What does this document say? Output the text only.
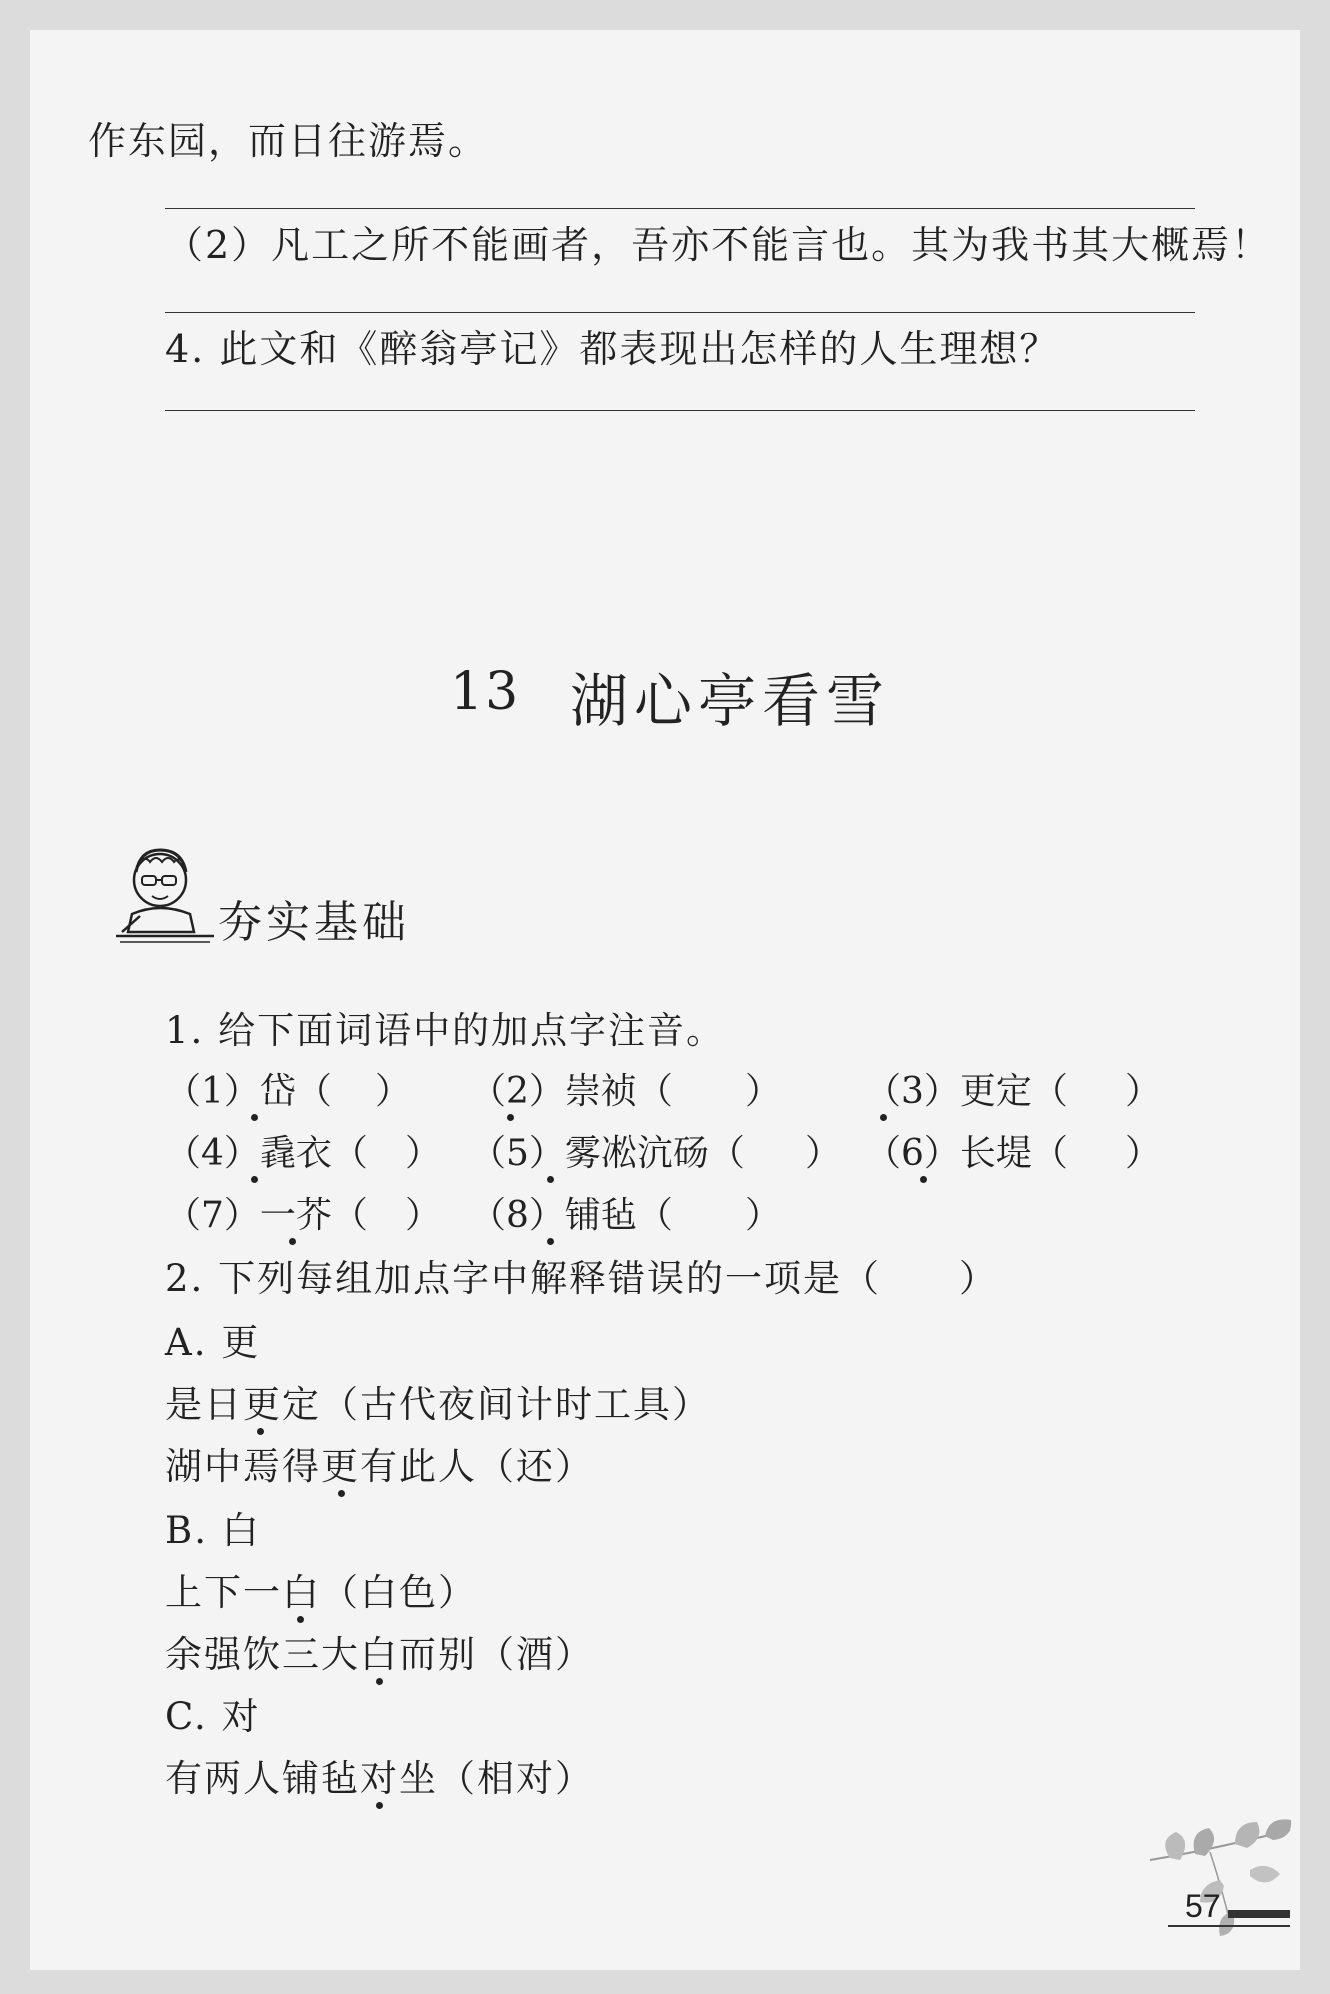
作东园，而日往游焉。
（2）凡工之所不能画者，吾亦不能言也。其为我书其大概焉！
4. 此文和《醉翁亭记》都表现出怎样的人生理想？
13 湖心亭看雪
夯实基础
1. 给下面词语中的加点字注音。
（1）岱（ ） （2）崇祯（ ） （3）更定（ ）
（4）毳衣（ ） （5）雾凇沆砀（ ） （6）长堤（ ）
（7）一芥（ ） （8）铺毡（ ）
2. 下列每组加点字中解释错误的一项是（　　）
A. 更
是日更定（古代夜间计时工具）
湖中焉得更有此人（还）
B. 白
上下一白（白色）
余强饮三大白而别（酒）
C. 对
有两人铺毡对坐（相对）
57
